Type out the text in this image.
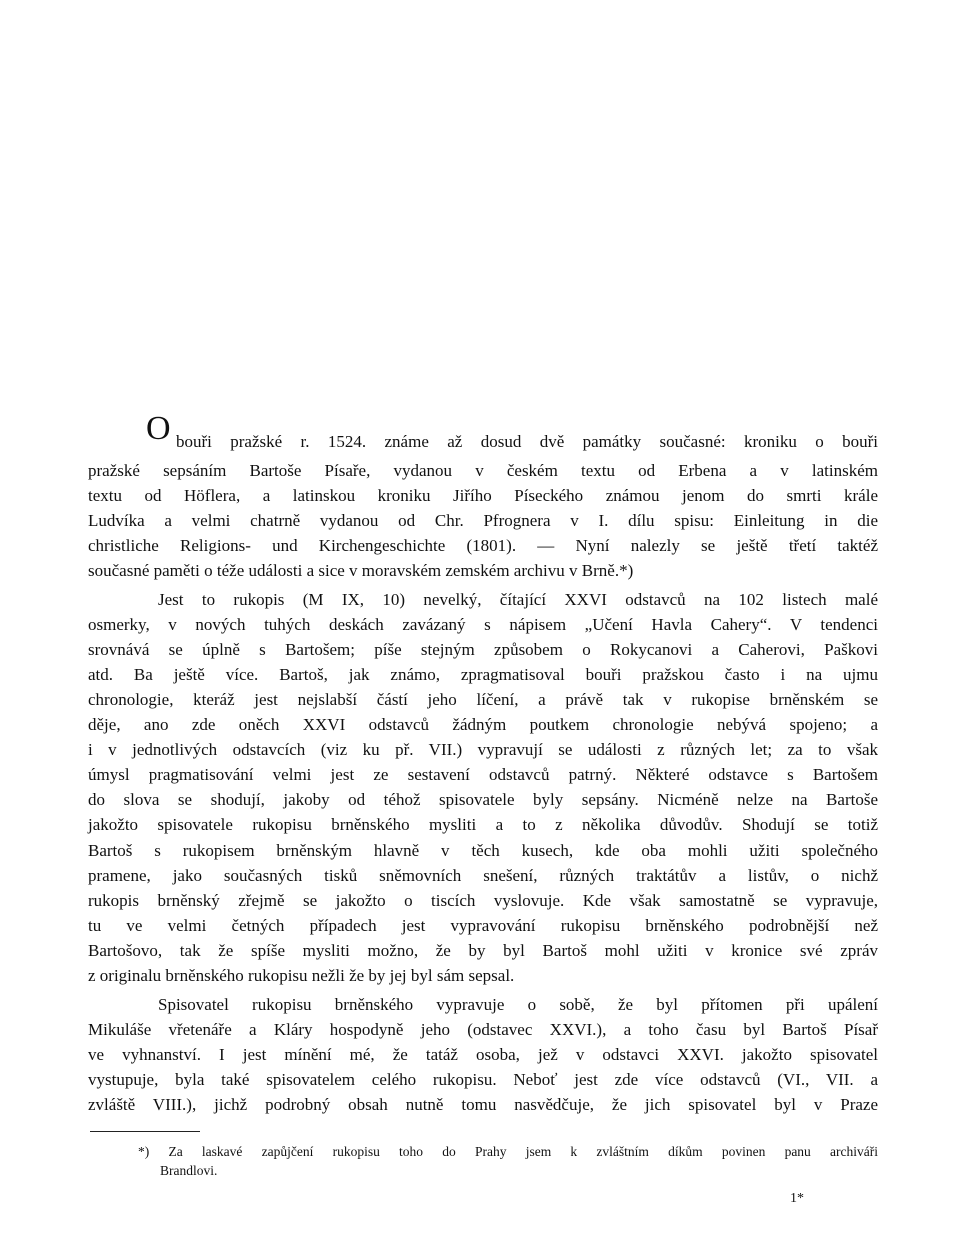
O bouři pražské r. 1524. známe až dosud dvě památky současné: kroniku o bouři
pražské sepsáním Bartoše Písaře, vydanou v českém textu od Erbena a v latinském
textu od Höflera, a latinskou kroniku Jiřího Píseckého známou jenom do smrti krále
Ludvíka a velmi chatrně vydanou od Chr. Pfrognera v I. dílu spisu: Einleitung in die
christliche Religions- und Kirchengeschichte (1801). — Nyní nalezly se ještě třetí taktéž
současné paměti o téže události a sice v moravském zemském archivu v Brně.*)
Jest to rukopis (M IX, 10) nevelký, čítající XXVI odstavců na 102 listech malé
osmerky, v nových tuhých deskách zavázaný s nápisem „Učení Havla Cahery“. V tendenci
srovnává se úplně s Bartošem; píše stejným způsobem o Rokycanovi a Caherovi, Paškovi
atd. Ba ještě více. Bartoš, jak známo, zpragmatisoval bouři pražskou často i na ujmu
chronologie, kteráž jest nejslabší částí jeho líčení, a právě tak v rukopise brněnském se
děje, ano zde oněch XXVI odstavců žádným poutkem chronologie nebývá spojeno; a
i v jednotlivých odstavcích (viz ku př. VII.) vypravují se události z různých let; za to však
úmysl pragmatisování velmi jest ze sestavení odstavců patrný. Některé odstavce s Bartošem
do slova se shodují, jakoby od téhož spisovatele byly sepsány. Nicméně nelze na Bartoše
jakožto spisovatele rukopisu brněnského mysliti a to z několika důvodův. Shodují se totiž
Bartoš s rukopisem brněnským hlavně v těch kusech, kde oba mohli užiti společného
pramene, jako současných tisků sněmovních snešení, různých traktátův a listův, o nichž
rukopis brněnský zřejmě se jakožto o tiscích vyslovuje. Kde však samostatně se vypravuje,
tu ve velmi četných případech jest vypravování rukopisu brněnského podrobnější než
Bartošovo, tak že spíše mysliti možno, že by byl Bartoš mohl užiti v kronice své zpráv
z originalu brněnského rukopisu nežli že by jej byl sám sepsal.
Spisovatel rukopisu brněnského vypravuje o sobě, že byl přítomen při upálení
Mikuláše vřetenáře a Kláry hospodyně jeho (odstavec XXVI.), a toho času byl Bartoš Písař
ve vyhnanství. I jest mínění mé, že tatáž osoba, jež v odstavci XXVI. jakožto spisovatel
vystupuje, byla také spisovatelem celého rukopisu. Neboť jest zde více odstavců (VI., VII. a
zvláště VIII.), jichž podrobný obsah nutně tomu nasvědčuje, že jich spisovatel byl v Praze
*) Za laskavé zapůjčení rukopisu toho do Prahy jsem k zvláštním díkům povinen panu archiváři
Brandlovi.
1*
